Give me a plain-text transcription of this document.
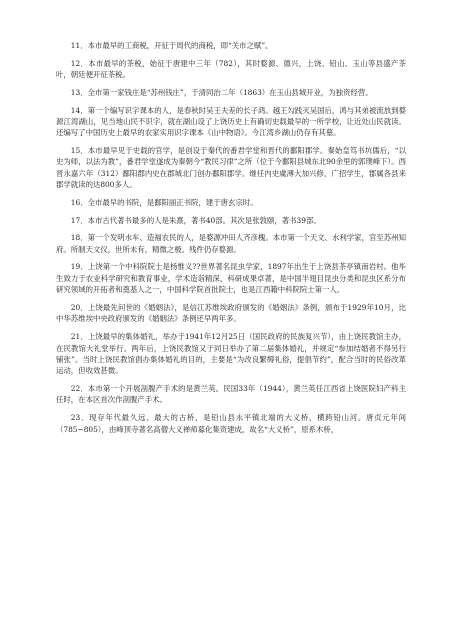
11．本市最早的工商税，开征于周代的商税，即“关市之赋”。

12．本市最早的茶税，始征于唐建中三年（782），其时婺源、德兴，上饶、铅山、玉山等县盛产茶叶，朝廷便开征茶税。

13．全市第一家钱庄是“苏州钱庄”，于清同治二年（1863）在玉山县城开业，为独资经营。

14．第一个编写识字课本的人，是春秋时吴王夫差的长子鸿。越王勾践灭吴国后，鸿与其弟被流放到婺源江湾湖山，见当地山民不识字，就在湖山设了上饶历史上有确切史载最早的一所学校，让近处山民就读。还编写了中国历史上最早的农家实用识字课本《山中物语》。今江湾乡湖山仍存有其墓。

15．本市最早见于史载的官学，是创设于秦代的番君学堂和晋代的鄱阳郡学。秦始皇笃书坑儒后，“以史为师，以法为教”，番君学堂遂成为秦朝今“教民习律”之所（位于今鄱阳县城东北90余里的郭璞峰下）。西晋永嘉六年（312）鄱阳郡内史在郡城北门创办鄱阳郡学。继任内史虞溥大加兴修，广招学生，郡属各县来郡学就读的达800多人。

16．全市最早的书院，是鄱阳丽正书院，建于唐玄宗时。

17．本市古代著书最多的人是朱熹，著书40部。其次是张敦颐，著书39部。

18．第一个发明水车、造福农民的人，是婺源冲田人齐彦槐。本市第一个天文、水利学家，官至苏州知府。所制天文仪，世所未有，精微之极。残件仍存婺源。

19．上饶第一个中科院院士是杨惟义??世界著名昆虫学家，1897年出生于上饶县茶亭镇南岩村。他毕生致力于农业科学研究和教育事业，学术造诣精深，科研成果卓著，是中国半翅目昆虫分类和昆虫区系分布研究领域的开拓者和奠基人之一，中国科学院首批院士，也是江西籍中科院院士第一人。

20．上饶最先问世的《婚姻法》，是信江苏维埃政府颁发的《婚姻法》条例，颁布于1929年10月，比中华苏维埃中央政府颁发的《婚姻法》条例还早两年多。

21．上饶最早的集体婚礼，举办于1941年12月25日（国民政府的民族复兴节），由上饶民教馆主办，在民教馆大礼堂举行。两年后，上饶民教馆又于同日举办了第二届集体婚礼，并规定“参加结婚者不得另行铺张”。当时上饶民教馆倡办集体婚礼的目的，主要是“为改良繁缛礼俗，提倡节约”，配合当时的民俗改革运动，但收效甚微。

22．本市第一个开展剖腹产手术的是黄兰英。民国33年（1944），黄兰英任江西省上饶医院妇产科主任时，在本区首次作剖腹产手术。

23．现存年代最久远、最大的古桥，是铅山县永平镇北端的大义桥，横跨铅山河。唐贞元年间（785~805），由峰顶寺著名高僧大义禅师募化集资建成，故名“大义桥”，原系木桥，
